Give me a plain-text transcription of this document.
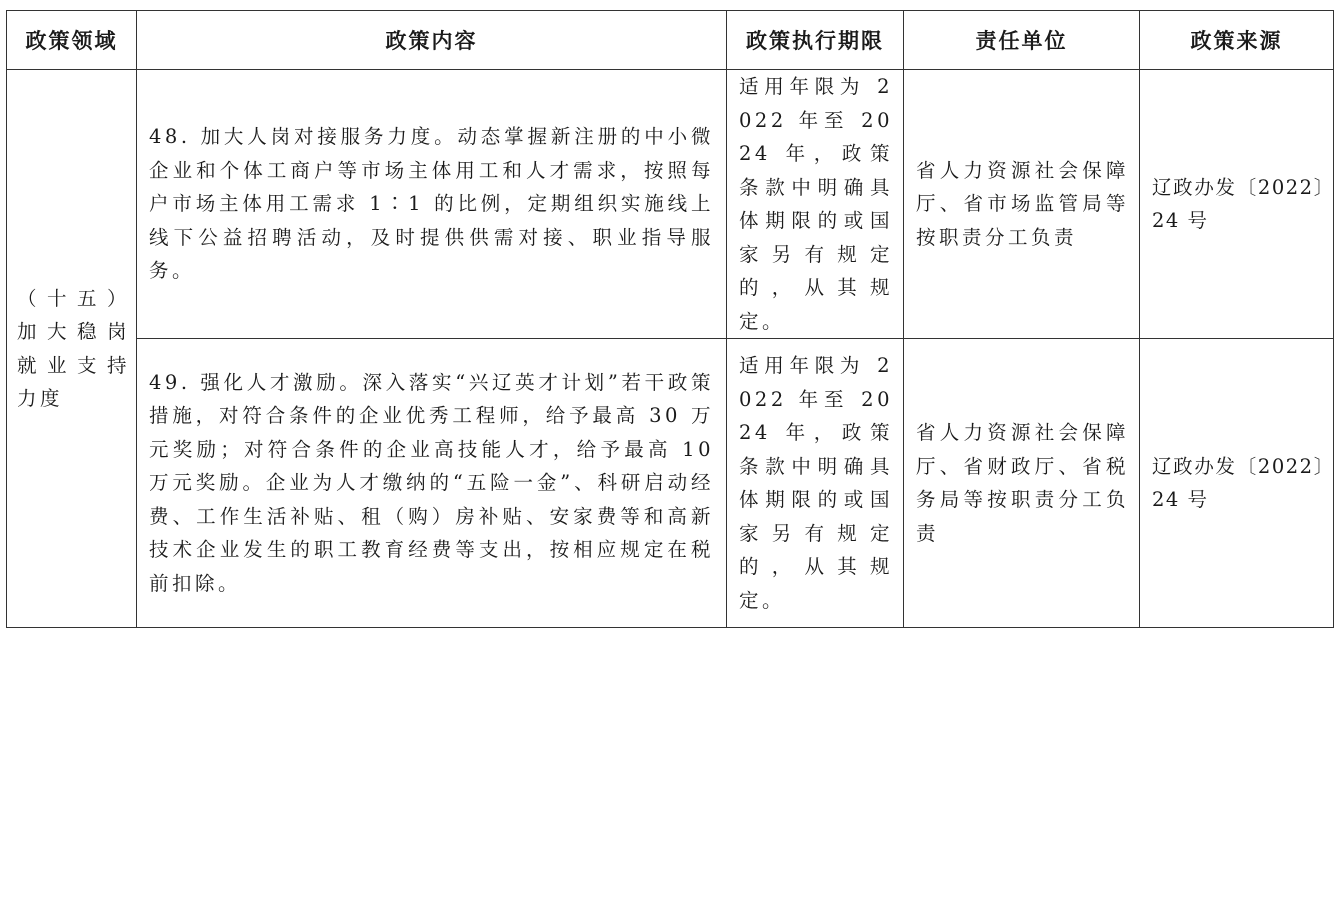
政策领域	政策内容	政策执行期限	责任单位	政策来源
（十五）加大稳岗就业支持力度	48. 加大人岗对接服务力度。动态掌握新注册的中小微企业和个体工商户等市场主体用工和人才需求，按照每户市场主体用工需求 1∶1 的比例，定期组织实施线上线下公益招聘活动，及时提供供需对接、职业指导服务。	适用年限为 2022 年至 2024 年，政策条款中明确具体期限的或国家另有规定的，从其规定。	省人力资源社会保障厅、省市场监管局等按职责分工负责	辽政办发〔2022〕24 号
	49. 强化人才激励。深入落实“兴辽英才计划”若干政策措施，对符合条件的企业优秀工程师，给予最高 30 万元奖励；对符合条件的企业高技能人才，给予最高 10 万元奖励。企业为人才缴纳的“五险一金”、科研启动经费、工作生活补贴、租（购）房补贴、安家费等和高新技术企业发生的职工教育经费等支出，按相应规定在税前扣除。	适用年限为 2022 年至 2024 年，政策条款中明确具体期限的或国家另有规定的，从其规定。	省人力资源社会保障厅、省财政厅、省税务局等按职责分工负责	辽政办发〔2022〕24 号
